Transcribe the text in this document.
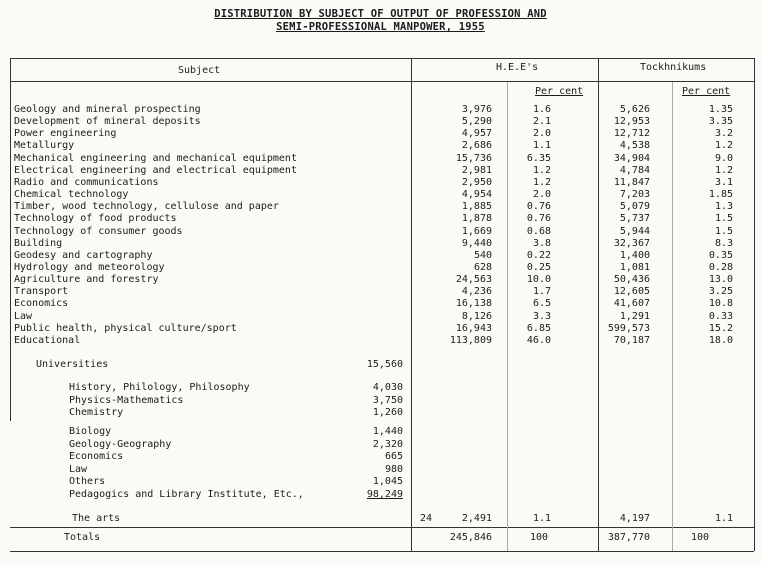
DISTRIBUTION BY SUBJECT OF OUTPUT OF PROFESSION AND
SEMI-PROFESSIONAL MANPOWER, 1955
Subject	H.E.E's	Tockhnikums
Per cent	Per cent
Geology and mineral prospecting	3,976	1.6	5,626	1.35
Development of mineral deposits	5,290	2.1	12,953	3.35
Power engineering	4,957	2.0	12,712	3.2
Metallurgy	2,686	1.1	4,538	1.2
Mechanical engineering and mechanical equipment	15,736	6.35	34,904	9.0
Electrical engineering and electrical equipment	2,981	1.2	4,784	1.2
Radio and communications	2,950	1.2	11,847	3.1
Chemical technology	4,954	2.0	7,203	1.85
Timber, wood technology, cellulose and paper	1,885	0.76	5,079	1.3
Technology of food products	1,878	0.76	5,737	1.5
Technology of consumer goods	1,669	0.68	5,944	1.5
Building	9,440	3.8	32,367	8.3
Geodesy and cartography	540	0.22	1,400	0.35
Hydrology and meteorology	628	0.25	1,081	0.28
Agriculture and forestry	24,563	10.0	50,436	13.0
Transport	4,236	1.7	12,605	3.25
Economics	16,138	6.5	41,607	10.8
Law	8,126	3.3	1,291	0.33
Public health, physical culture/sport	16,943	6.85	599,573	15.2
Educational	113,809	46.0	70,187	18.0
Universities	15,560
History, Philology, Philosophy	4,030
Physics-Mathematics	3,750
Chemistry	1,260
Biology	1,440
Geology-Geography	2,320
Economics	665
Law	980
Others	1,045
Pedagogics and Library Institute, Etc.,	98,249
The arts	24	2,491	1.1	4,197	1.1
Totals	245,846	100	387,770	100
